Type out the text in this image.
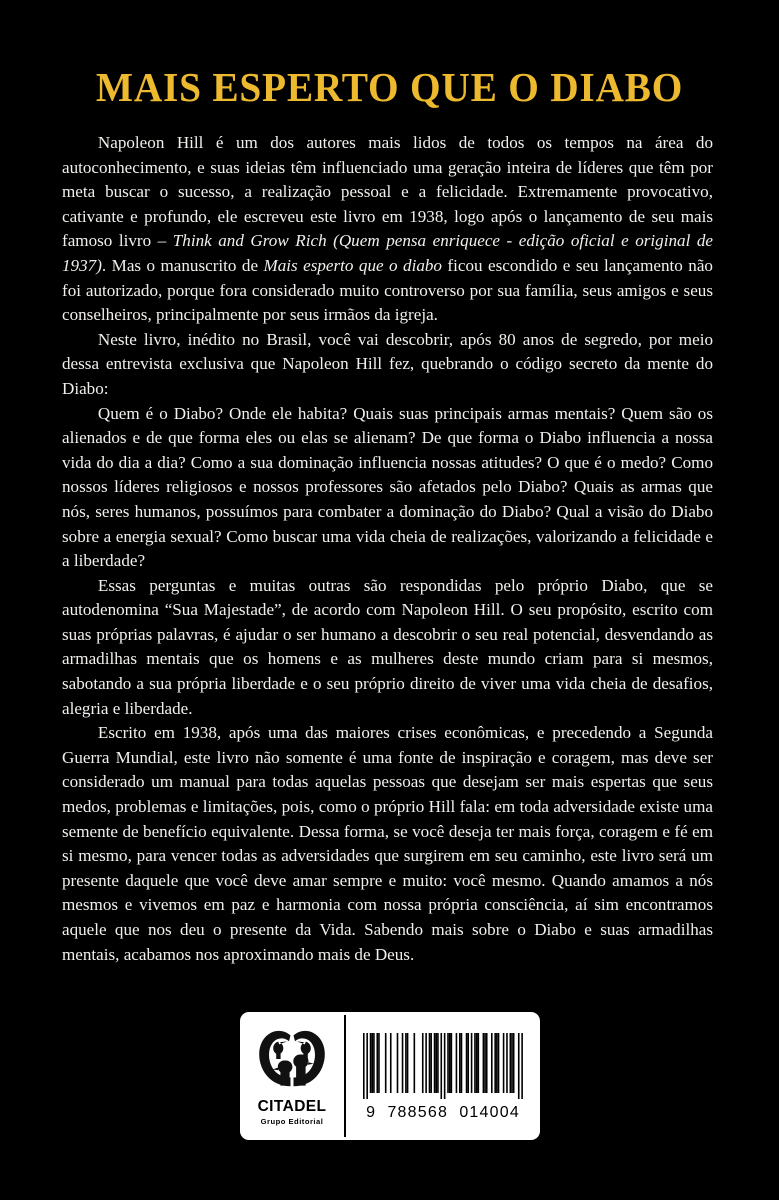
MAIS ESPERTO QUE O DIABO

Napoleon Hill é um dos autores mais lidos de todos os tempos na área do autoconhecimento, e suas ideias têm influenciado uma geração inteira de líderes que têm por meta buscar o sucesso, a realização pessoal e a felicidade. Extremamente provocativo, cativante e profundo, ele escreveu este livro em 1938, logo após o lançamento de seu mais famoso livro – Think and Grow Rich (Quem pensa enriquece - edição oficial e original de 1937). Mas o manuscrito de Mais esperto que o diabo ficou escondido e seu lançamento não foi autorizado, porque fora considerado muito controverso por sua família, seus amigos e seus conselheiros, principalmente por seus irmãos da igreja.

Neste livro, inédito no Brasil, você vai descobrir, após 80 anos de segredo, por meio dessa entrevista exclusiva que Napoleon Hill fez, quebrando o código secreto da mente do Diabo:

Quem é o Diabo? Onde ele habita? Quais suas principais armas mentais? Quem são os alienados e de que forma eles ou elas se alienam? De que forma o Diabo influencia a nossa vida do dia a dia? Como a sua dominação influencia nossas atitudes? O que é o medo? Como nossos líderes religiosos e nossos professores são afetados pelo Diabo? Quais as armas que nós, seres humanos, possuímos para combater a dominação do Diabo? Qual a visão do Diabo sobre a energia sexual? Como buscar uma vida cheia de realizações, valorizando a felicidade e a liberdade?

Essas perguntas e muitas outras são respondidas pelo próprio Diabo, que se autodenomina “Sua Majestade”, de acordo com Napoleon Hill. O seu propósito, escrito com suas próprias palavras, é ajudar o ser humano a descobrir o seu real potencial, desvendando as armadilhas mentais que os homens e as mulheres deste mundo criam para si mesmos, sabotando a sua própria liberdade e o seu próprio direito de viver uma vida cheia de desafios, alegria e liberdade.

Escrito em 1938, após uma das maiores crises econômicas, e precedendo a Segunda Guerra Mundial, este livro não somente é uma fonte de inspiração e coragem, mas deve ser considerado um manual para todas aquelas pessoas que desejam ser mais espertas que seus medos, problemas e limitações, pois, como o próprio Hill fala: em toda adversidade existe uma semente de benefício equivalente. Dessa forma, se você deseja ter mais força, coragem e fé em si mesmo, para vencer todas as adversidades que surgirem em seu caminho, este livro será um presente daquele que você deve amar sempre e muito: você mesmo. Quando amamos a nós mesmos e vivemos em paz e harmonia com nossa própria consciência, aí sim encontramos aquele que nos deu o presente da Vida. Sabendo mais sobre o Diabo e suas armadilhas mentais, acabamos nos aproximando mais de Deus.

CITADEL
Grupo Editorial
9  788568  014004
